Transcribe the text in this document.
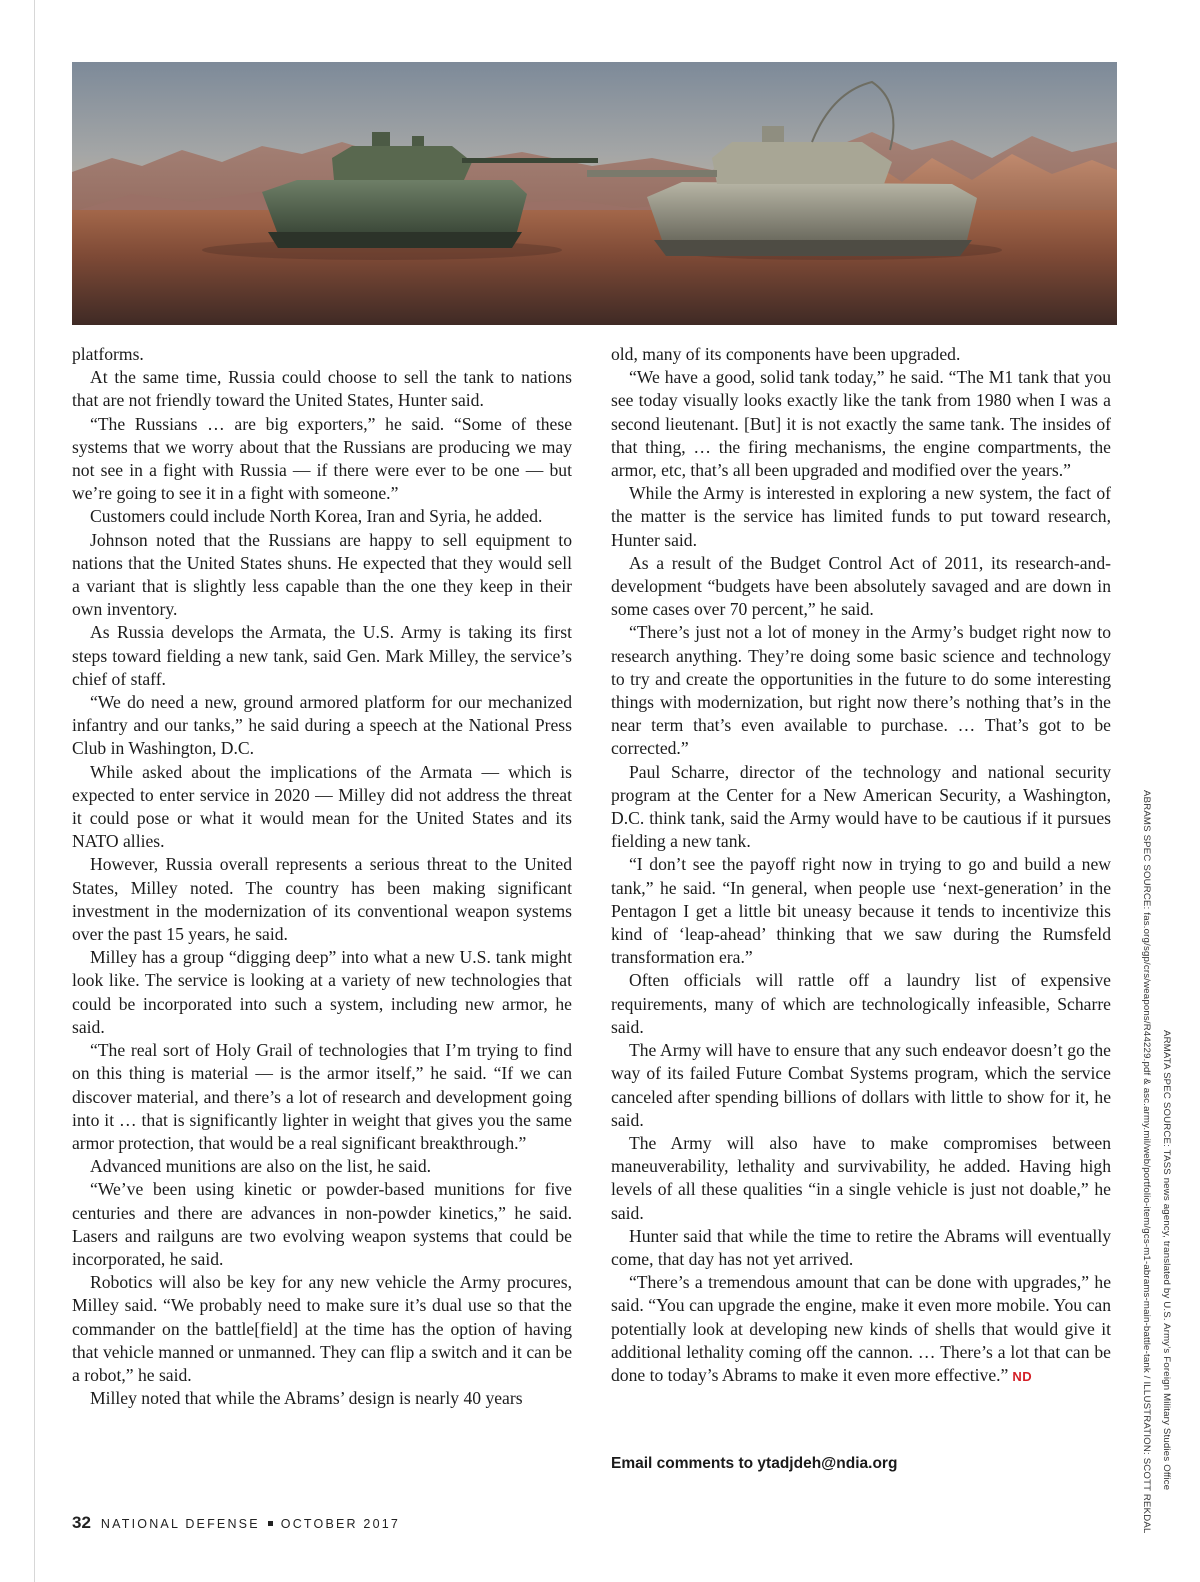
platforms.

At the same time, Russia could choose to sell the tank to nations that are not friendly toward the United States, Hunter said.

“The Russians … are big exporters,” he said. “Some of these systems that we worry about that the Russians are producing we may not see in a fight with Russia — if there were ever to be one — but we’re going to see it in a fight with someone.”

Customers could include North Korea, Iran and Syria, he added.

Johnson noted that the Russians are happy to sell equipment to nations that the United States shuns. He expected that they would sell a variant that is slightly less capable than the one they keep in their own inventory.

As Russia develops the Armata, the U.S. Army is taking its first steps toward fielding a new tank, said Gen. Mark Milley, the service’s chief of staff.

“We do need a new, ground armored platform for our mechanized infantry and our tanks,” he said during a speech at the National Press Club in Washington, D.C.

While asked about the implications of the Armata — which is expected to enter service in 2020 — Milley did not address the threat it could pose or what it would mean for the United States and its NATO allies.

However, Russia overall represents a serious threat to the United States, Milley noted. The country has been making significant investment in the modernization of its conventional weapon systems over the past 15 years, he said.

Milley has a group “digging deep” into what a new U.S. tank might look like. The service is looking at a variety of new technologies that could be incorporated into such a system, including new armor, he said.

“The real sort of Holy Grail of technologies that I’m trying to find on this thing is material — is the armor itself,” he said. “If we can discover material, and there’s a lot of research and development going into it … that is significantly lighter in weight that gives you the same armor protection, that would be a real significant breakthrough.”

Advanced munitions are also on the list, he said.

“We’ve been using kinetic or powder-based munitions for five centuries and there are advances in non-powder kinetics,” he said. Lasers and railguns are two evolving weapon systems that could be incorporated, he said.

Robotics will also be key for any new vehicle the Army procures, Milley said. “We probably need to make sure it’s dual use so that the commander on the battle[field] at the time has the option of having that vehicle manned or unmanned. They can flip a switch and it can be a robot,” he said.

Milley noted that while the Abrams’ design is nearly 40 years

old, many of its components have been upgraded.

“We have a good, solid tank today,” he said. “The M1 tank that you see today visually looks exactly like the tank from 1980 when I was a second lieutenant. [But] it is not exactly the same tank. The insides of that thing, … the firing mechanisms, the engine compartments, the armor, etc, that’s all been upgraded and modified over the years.”

While the Army is interested in exploring a new system, the fact of the matter is the service has limited funds to put toward research, Hunter said.

As a result of the Budget Control Act of 2011, its research-and-development “budgets have been absolutely savaged and are down in some cases over 70 percent,” he said.

“There’s just not a lot of money in the Army’s budget right now to research anything. They’re doing some basic science and technology to try and create the opportunities in the future to do some interesting things with modernization, but right now there’s nothing that’s in the near term that’s even available to purchase. … That’s got to be corrected.”

Paul Scharre, director of the technology and national security program at the Center for a New American Security, a Washington, D.C. think tank, said the Army would have to be cautious if it pursues fielding a new tank.

“I don’t see the payoff right now in trying to go and build a new tank,” he said. “In general, when people use ‘next-generation’ in the Pentagon I get a little bit uneasy because it tends to incentivize this kind of ‘leap-ahead’ thinking that we saw during the Rumsfeld transformation era.”

Often officials will rattle off a laundry list of expensive requirements, many of which are technologically infeasible, Scharre said.

The Army will have to ensure that any such endeavor doesn’t go the way of its failed Future Combat Systems program, which the service canceled after spending billions of dollars with little to show for it, he said.

The Army will also have to make compromises between maneuverability, lethality and survivability, he added. Having high levels of all these qualities “in a single vehicle is just not doable,” he said.

Hunter said that while the time to retire the Abrams will eventually come, that day has not yet arrived.

“There’s a tremendous amount that can be done with upgrades,” he said. “You can upgrade the engine, make it even more mobile. You can potentially look at developing new kinds of shells that would give it additional lethality coming off the cannon. … There’s a lot that can be done to today’s Abrams to make it even more effective.” ND

Email comments to ytadjdeh@ndia.org	ABRAMS SPEC SOURCE: fas.org/sgp/crs/weapons/R44229.pdf & asc.army.mil/web/portfolio-item/gcs-m1-abrams-main-battle-tank / ILLUSTRATION: SCOTT REKDAL ARMATA SPEC SOURCE: TASS news agency, translated by U.S. Army’s Foreign Military Studies Office
32 NATIONAL DEFENSE OCTOBER 2017
